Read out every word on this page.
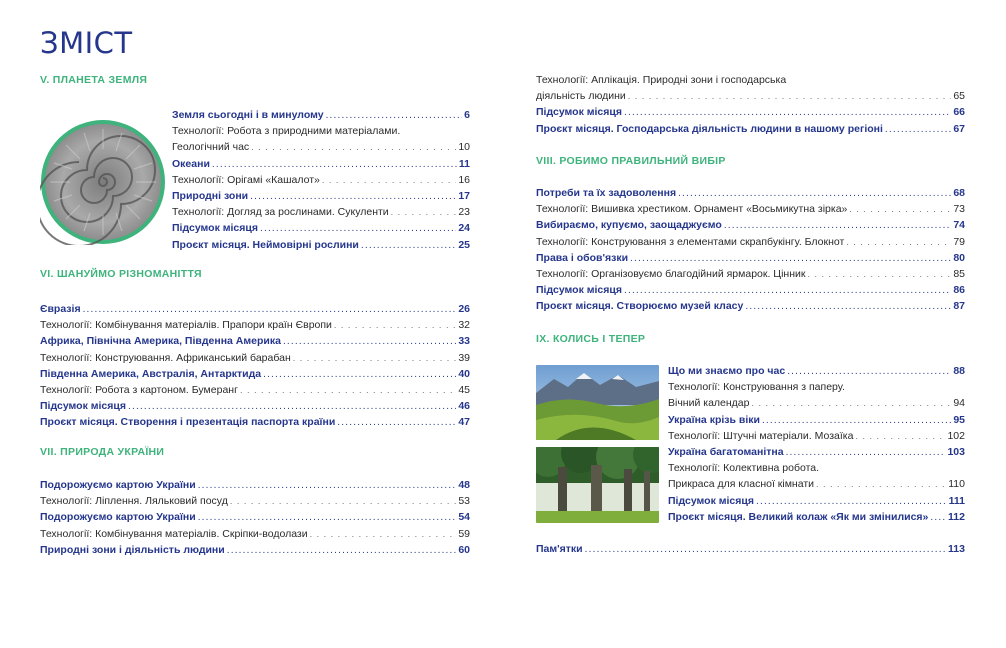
ЗМІСТ
V. ПЛАНЕТА ЗЕМЛЯ
Земля сьогодні і в минулому .....	6
Технології: Робота з природними матеріалами.
Геологічний час . . .	10
Океани .....	11
Технології: Орігамі «Кашалот» . . .	16
Природні зони .....	17
Технології: Догляд за рослинами. Сукуленти . . .	23
Підсумок місяця .....	24
Проєкт місяця. Неймовірні рослини .....	25
VI. ШАНУЙМО РІЗНОМАНІТТЯ
Євразія .....	26
Технології: Комбінування матеріалів. Прапори країн Європи . . .	32
Африка, Північна Америка, Південна Америка .....	33
Технології: Конструювання. Африканський барабан . . .	39
Південна Америка, Австралія, Антарктида .....	40
Технології: Робота з картоном. Бумеранг . . .	45
Підсумок місяця .....	46
Проєкт місяця. Створення і презентація паспорта країни .....	47
VII. ПРИРОДА УКРАЇНИ
Подорожуємо картою України .....	48
Технології: Ліплення. Ляльковий посуд . . .	53
Подорожуємо картою України .....	54
Технології: Комбінування матеріалів. Скріпки-водолази . . .	59
Природні зони і діяльність людини .....	60
Технології: Аплікація. Природні зони і господарська
діяльність людини . . .	65
Підсумок місяця .....	66
Проєкт місяця. Господарська діяльність людини в нашому регіоні .....	67
VIII. РОБИМО ПРАВИЛЬНИЙ ВИБІР
Потреби та їх задоволення .....	68
Технології: Вишивка хрестиком. Орнамент «Восьмикутна зірка» . . .	73
Вибираємо, купуємо, заощаджуємо .....	74
Технології: Конструювання з елементами скрапбукінгу. Блокнот . . .	79
Права і обов'язки .....	80
Технології: Організовуємо благодійний ярмарок. Цінник . . .	85
Підсумок місяця .....	86
Проєкт місяця. Створюємо музей класу .....	87
IX. КОЛИСЬ І ТЕПЕР
Що ми знаємо про час .....	88
Технології: Конструювання з паперу.
Вічний календар . . .	94
Україна крізь віки .....	95
Технології: Штучні матеріали. Мозаїка . . .	102
Україна багатоманітна .....	103
Технології: Колективна робота.
Прикраса для класної кімнати . . .	110
Підсумок місяця .....	111
Проєкт місяця. Великий колаж «Як ми змінилися» ..... 112
Пам'ятки .....	113
